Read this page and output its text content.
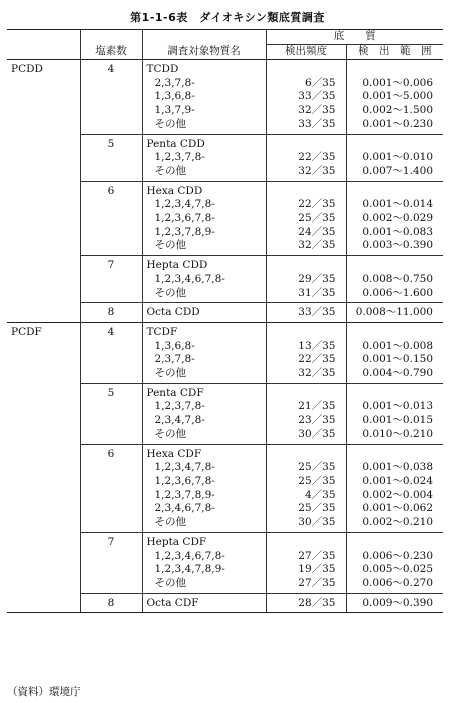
第1-1-6表　ダイオキシン類底質調査
			底　　質	
	塩素数	調査対象物質名	検出頻度	検　出　範　囲
PCDD	4	TCDD		
		2,3,7,8-	6／35	0.001～0.006
		1,3,6,8-	33／35	0.001～5.000
		1,3,7,9-	32／35	0.002～1.500
		その他	33／35	0.001～0.230
	5	Penta CDD		
		1,2,3,7,8-	22／35	0.001～0.010
		その他	32／35	0.007～1.400
	6	Hexa CDD		
		1,2,3,4,7,8-	22／35	0.001～0.014
		1,2,3,6,7,8-	25／35	0.002～0.029
		1,2,3,7,8,9-	24／35	0.001～0.083
		その他	32／35	0.003～0.390
	7	Hepta CDD		
		1,2,3,4,6,7,8-	29／35	0.008～0.750
		その他	31／35	0.006～1.600
	8	Octa CDD	33／35	0.008～11.000
PCDF	4	TCDF		
		1,3,6,8-	13／35	0.001～0.008
		2,3,7,8-	22／35	0.001～0.150
		その他	32／35	0.004～0.790
	5	Penta CDF		
		1,2,3,7,8-	21／35	0.001～0.013
		2,3,4,7,8-	23／35	0.001～0.015
		その他	30／35	0.010～0.210
	6	Hexa CDF		
		1,2,3,4,7,8-	25／35	0.001～0.038
		1,2,3,6,7,8-	25／35	0.001～0.024
		1,2,3,7,8,9-	4／35	0.002～0.004
		2,3,4,6,7,8-	25／35	0.001～0.062
		その他	30／35	0.002～0.210
	7	Hepta CDF		
		1,2,3,4,6,7,8-	27／35	0.006～0.230
		1,2,3,4,7,8,9-	19／35	0.005～0.025
		その他	27／35	0.006～0.270
	8	Octa CDF	28／35	0.009～0.390
（資料）環境庁
